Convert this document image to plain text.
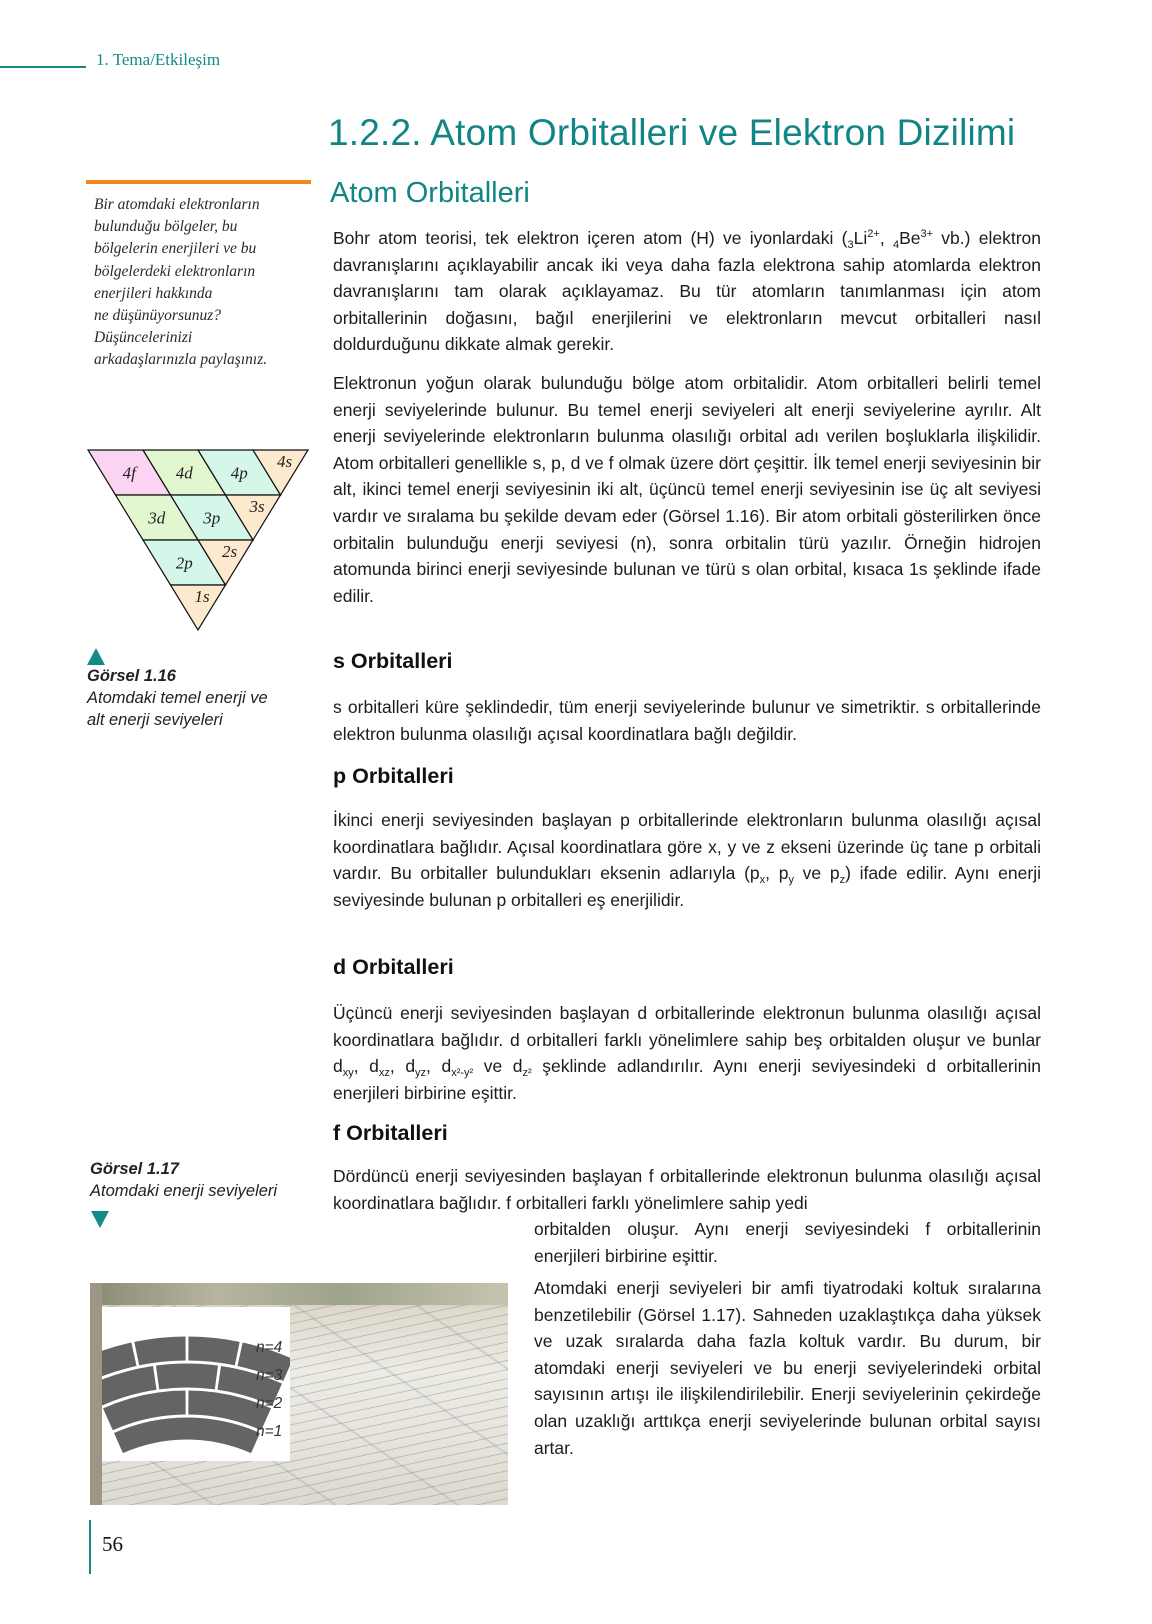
1. Tema/Etkileşim
1.2.2. Atom Orbitalleri ve Elektron Dizilimi
Atom Orbitalleri
Bir atomdaki elektronların
bulunduğu bölgeler, bu
bölgelerin enerjileri ve bu
bölgelerdeki elektronların
enerjileri hakkında
ne düşünüyorsunuz?
Düşüncelerinizi
arkadaşlarınızla paylaşınız.
4f 4d 4p
4s
3d 3p
3s
2p
2s
1s
Görsel 1.16
Atomdaki temel enerji ve
alt enerji seviyeleri

Bohr atom teorisi, tek elektron içeren atom (H) ve iyonlardaki ($_3Li^{2+}$, $_4Be^{3+}$ vb.) elektron davranışlarını açıklayabilir ancak iki veya daha fazla elektrona sahip atomlarda elektron davranışlarını tam olarak açıklayamaz. Bu tür atomların tanımlanması için atom orbitallerinin doğasını, bağıl enerjilerini ve elektronların mevcut orbitalleri nasıl doldurduğunu dikkate almak gerekir.

Elektronun yoğun olarak bulunduğu bölge atom orbitalidir. Atom orbitalleri belirli temel enerji seviyelerinde bulunur. Bu temel enerji seviyeleri alt enerji seviyelerine ayrılır. Alt enerji seviyelerinde elektronların bulunma olasılığı orbital adı verilen boşluklarla ilişkilidir. Atom orbitalleri genellikle s, p, d ve f olmak üzere dört çeşittir. İlk temel enerji seviyesinin bir alt, ikinci temel enerji seviyesinin iki alt, üçüncü temel enerji seviyesinin ise üç alt seviyesi vardır ve sıralama bu şekilde devam eder (Görsel 1.16). Bir atom orbitali gösterilirken önce orbitalin bulunduğu enerji seviyesi (n), sonra orbitalin türü yazılır. Örneğin hidrojen atomunda birinci enerji seviyesinde bulunan ve türü s olan orbital, kısaca 1s şeklinde ifade edilir.

s Orbitalleri

s orbitalleri küre şeklindedir, tüm enerji seviyelerinde bulunur ve simetriktir. s orbitallerinde elektron bulunma olasılığı açısal koordinatlara bağlı değildir.

p Orbitalleri

İkinci enerji seviyesinden başlayan p orbitallerinde elektronların bulunma olasılığı açısal koordinatlara bağlıdır. Açısal koordinatlara göre x, y ve z ekseni üzerinde üç tane p orbitali vardır. Bu orbitaller bulundukları eksenin adlarıyla ($p_x$, $p_y$ ve $p_z$) ifade edilir. Aynı enerji seviyesinde bulunan p orbitalleri eş enerjilidir.

d Orbitalleri

Üçüncü enerji seviyesinden başlayan d orbitallerinde elektronun bulunma olasılığı açısal koordinatlara bağlıdır. d orbitalleri farklı yönelimlere sahip beş orbitalden oluşur ve bunlar $d_{xy}$, $d_{xz}$, $d_{yz}$, $d_{x^2-y^2}$ ve $d_{z^2}$ şeklinde adlandırılır. Aynı enerji seviyesindeki d orbitallerinin enerjileri birbirine eşittir.

f Orbitalleri

Dördüncü enerji seviyesinden başlayan f orbitallerinde elektronun bulunma olasılığı açısal koordinatlara bağlıdır. f orbitalleri farklı yönelimlere sahip yedi

orbitalden oluşur. Aynı enerji seviyesindeki f orbitallerinin enerjileri birbirine eşittir.

Atomdaki enerji seviyeleri bir amfi tiyatrodaki koltuk sıralarına benzetilebilir (Görsel 1.17). Sahneden uzaklaştıkça daha yüksek ve uzak sıralarda daha fazla koltuk vardır. Bu durum, bir atomdaki enerji seviyeleri ve bu enerji seviyelerindeki orbital sayısının artışı ile ilişkilendirilebilir. Enerji seviyelerinin çekirdeğe olan uzaklığı arttıkça enerji seviyelerinde bulunan orbital sayısı artar.

Görsel 1.17
Atomdaki enerji seviyeleri
n=4
n=3
n=2
n=1
56
